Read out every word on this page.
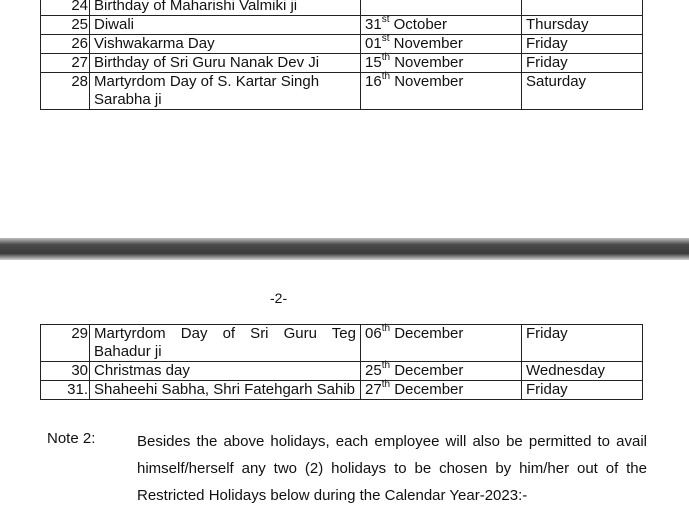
24	Birthday of Maharishi Valmiki ji		
25	Diwali	31st October	Thursday
26	Vishwakarma Day	01st November	Friday
27	Birthday of Sri Guru Nanak Dev Ji	15th November	Friday
28	Martyrdom Day of S. Kartar Singh
Sarabha ji	16th November	Saturday
-2-
29	Martyrdom Day of Sri Guru Teg
Bahadur ji	06th December	Friday
30	Christmas day	25th December	Wednesday
31.	Shaheehi Sabha, Shri Fatehgarh Sahib	27th December	Friday
Note 2:	Besides the above holidays, each employee will also be permitted to avail
himself/herself any two (2) holidays to be chosen by him/her out of the
Restricted Holidays below during the Calendar Year-2023:-
